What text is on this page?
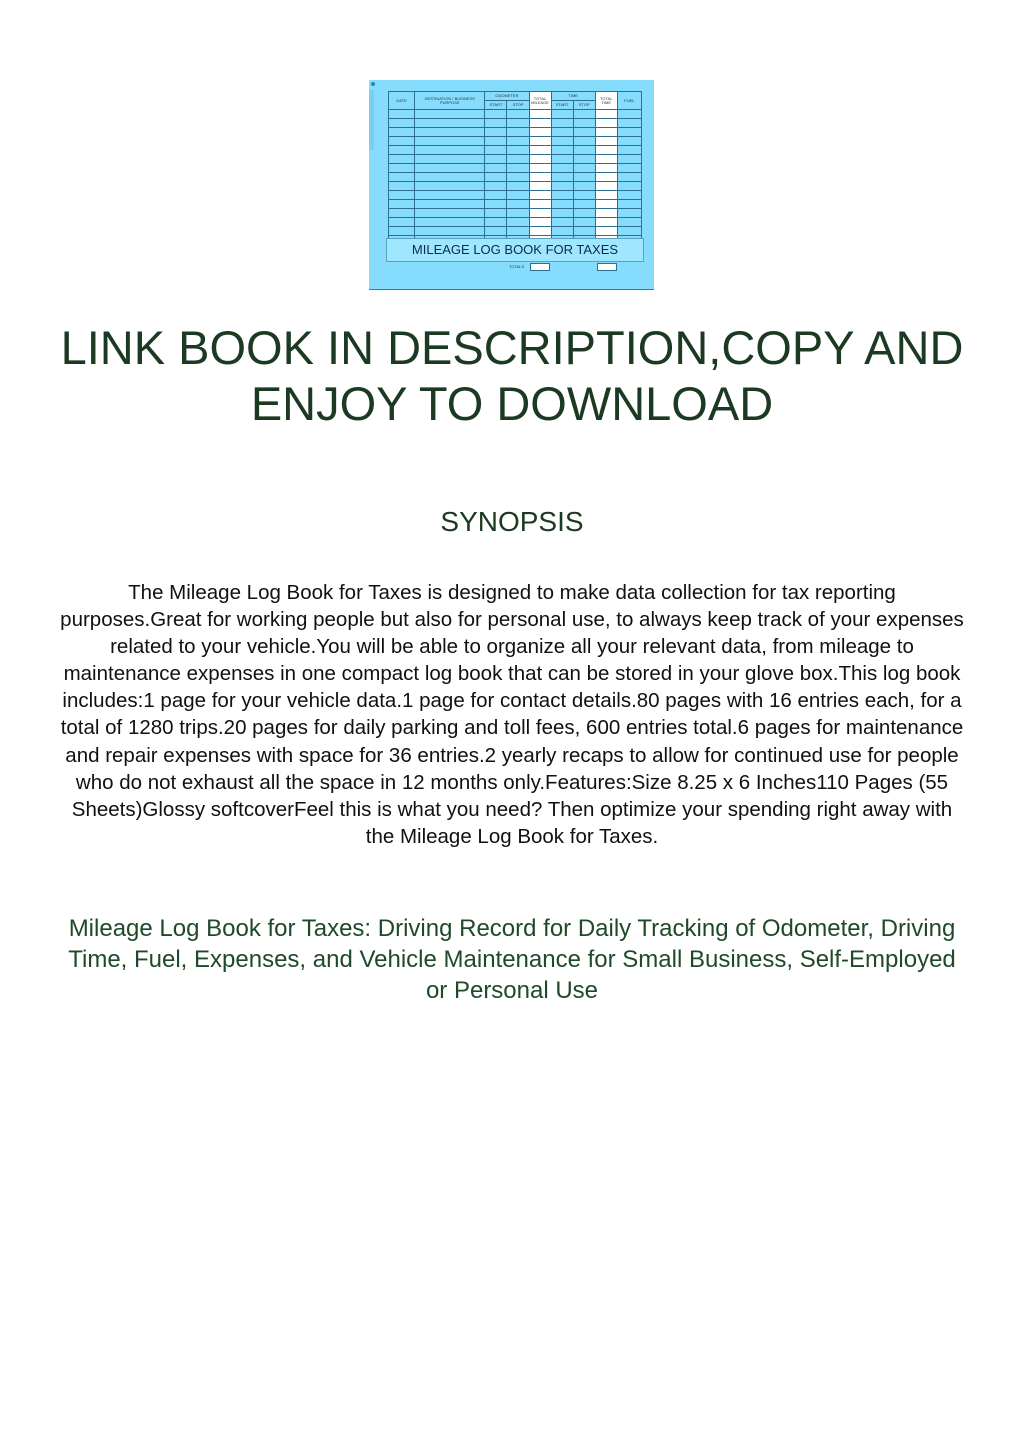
DATE	DESTINATION / BUSINESS PURPOSE	ODOMETER		TOTAL MILEAGE	TIME		TOTAL TIME	FUEL
		START	STOP		START	STOP		

MILEAGE LOG BOOK FOR TAXES
TOTALS
LINK BOOK IN DESCRIPTION,COPY AND ENJOY TO DOWNLOAD
SYNOPSIS

The Mileage Log Book for Taxes is designed to make data collection for tax reporting purposes.Great for working people but also for personal use, to always keep track of your expenses related to your vehicle.You will be able to organize all your relevant data, from mileage to maintenance expenses in one compact log book that can be stored in your glove box.This log book includes:1 page for your vehicle data.1 page for contact details.80 pages with 16 entries each, for a total of 1280 trips.20 pages for daily parking and toll fees, 600 entries total.6 pages for maintenance and repair expenses with space for 36 entries.2 yearly recaps to allow for continued use for people who do not exhaust all the space in 12 months only.Features:Size 8.25 x 6 Inches110 Pages (55 Sheets)Glossy softcoverFeel this is what you need? Then optimize your spending right away with the Mileage Log Book for Taxes.

Mileage Log Book for Taxes: Driving Record for Daily Tracking of Odometer, Driving Time, Fuel, Expenses, and Vehicle Maintenance for Small Business, Self-Employed or Personal Use
